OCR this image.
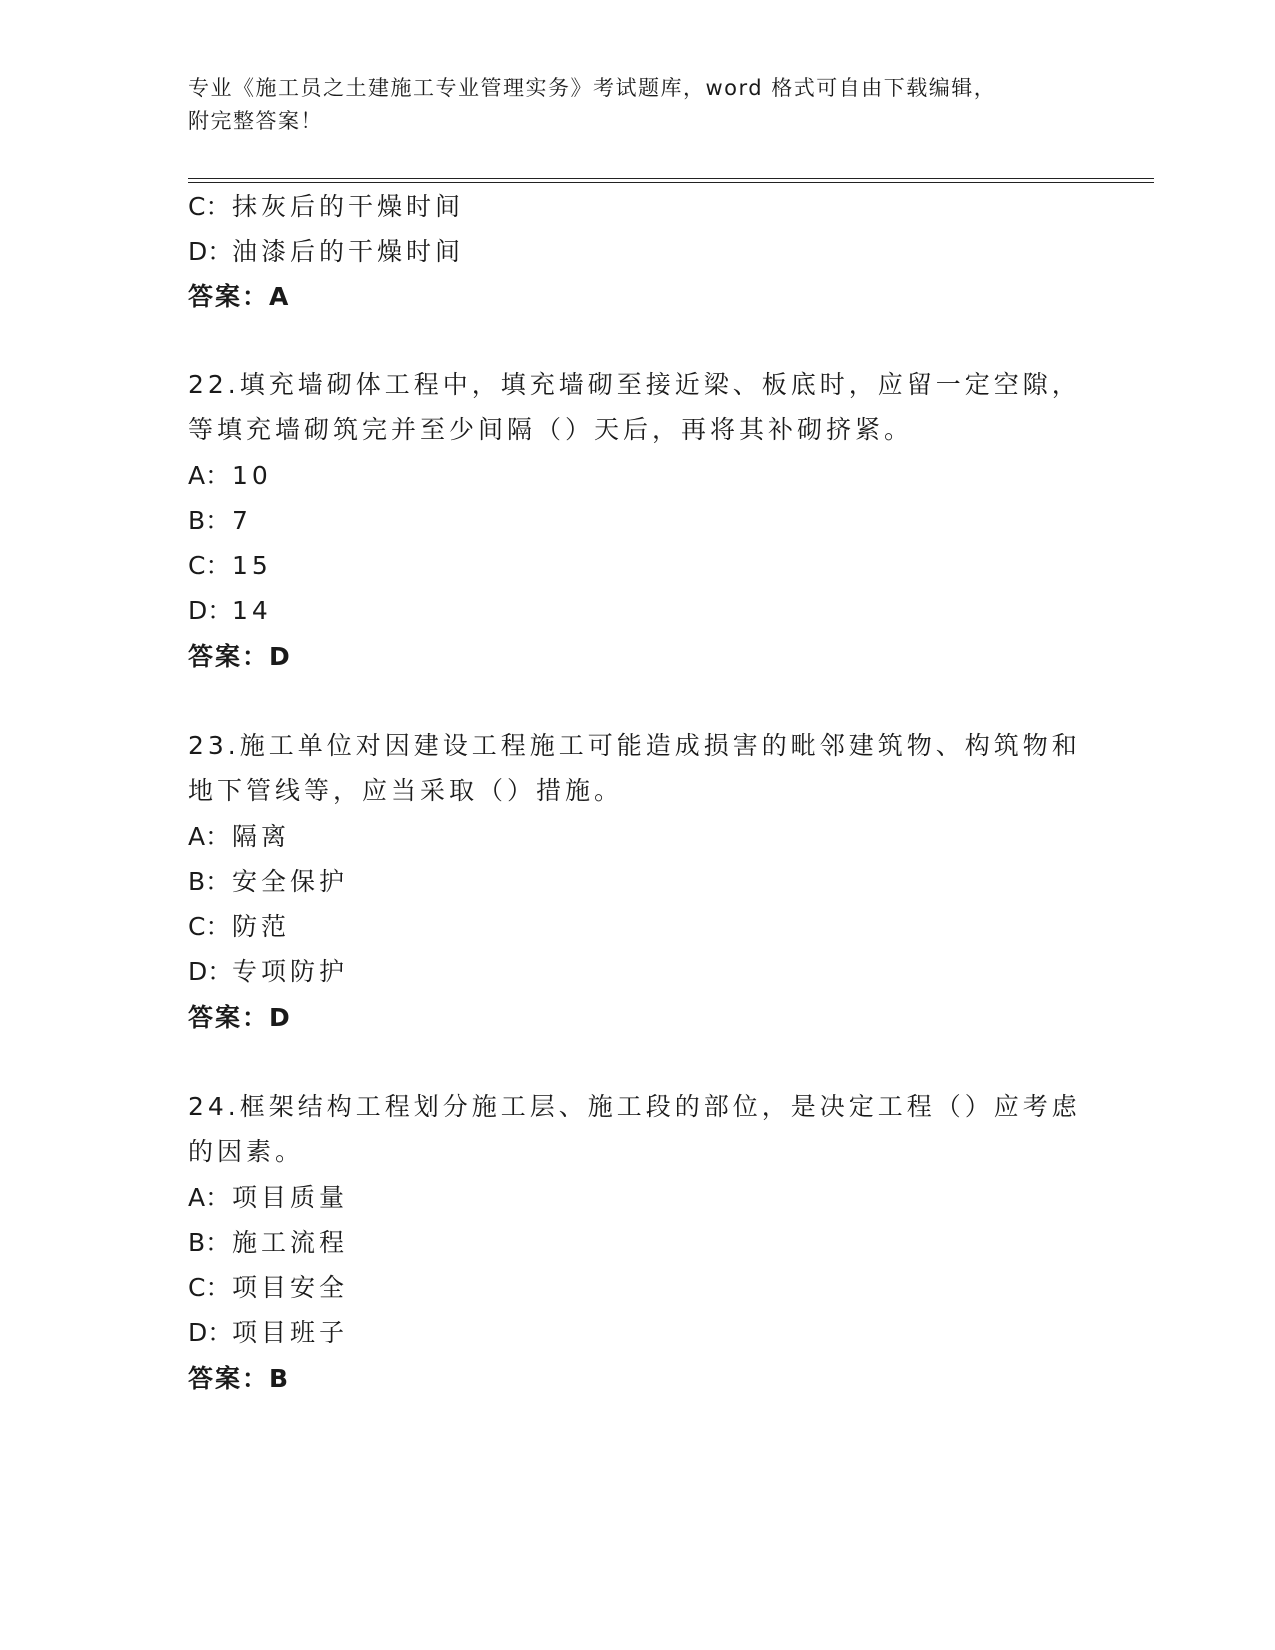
专业《施工员之土建施工专业管理实务》考试题库，word 格式可自由下载编辑，
附完整答案！
C：抹灰后的干燥时间
D：油漆后的干燥时间
答案：A
22.填充墙砌体工程中，填充墙砌至接近梁、板底时，应留一定空隙，
等填充墙砌筑完并至少间隔（）天后，再将其补砌挤紧。
A：10
B：7
C：15
D：14
答案：D
23.施工单位对因建设工程施工可能造成损害的毗邻建筑物、构筑物和
地下管线等，应当采取（）措施。
A：隔离
B：安全保护
C：防范
D：专项防护
答案：D
24.框架结构工程划分施工层、施工段的部位，是决定工程（）应考虑
的因素。
A：项目质量
B：施工流程
C：项目安全
D：项目班子
答案：B
